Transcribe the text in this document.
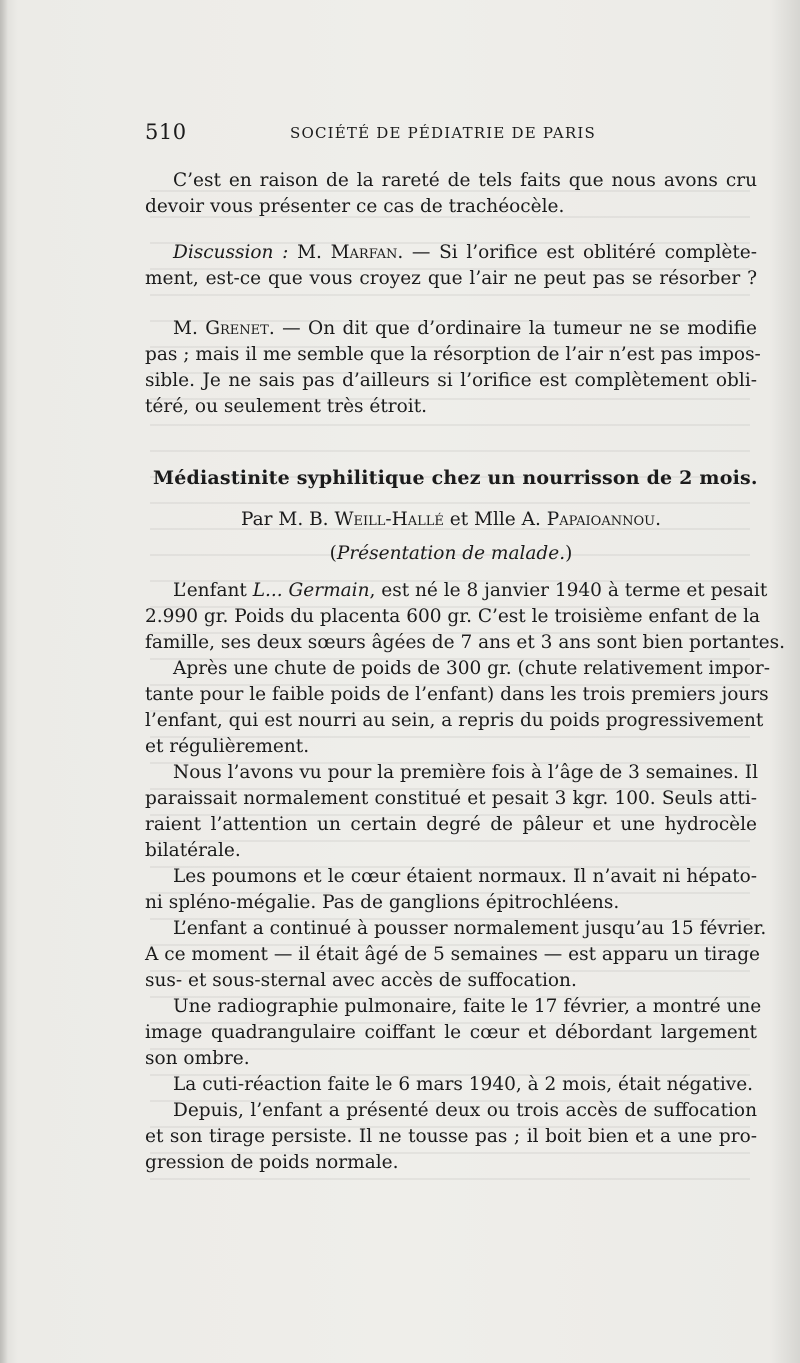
510	SOCIÉTÉ DE PÉDIATRIE DE PARIS
C’est en raison de la rareté de tels faits que nous avons cru
devoir vous présenter ce cas de trachéocèle.
Discussion : M. Marfan. — Si l’orifice est oblitéré complète-
ment, est-ce que vous croyez que l’air ne peut pas se résorber ?
M. Grenet. — On dit que d’ordinaire la tumeur ne se modifie
pas ; mais il me semble que la résorption de l’air n’est pas impos-
sible. Je ne sais pas d’ailleurs si l’orifice est complètement obli-
téré, ou seulement très étroit.
Médiastinite syphilitique chez un nourrisson de 2 mois.
Par M. B. Weill-Hallé et Mlle A. Papaioannou.
(Présentation de malade.)
L’enfant L... Germain, est né le 8 janvier 1940 à terme et pesait
2.990 gr. Poids du placenta 600 gr. C’est le troisième enfant de la
famille, ses deux sœurs âgées de 7 ans et 3 ans sont bien portantes.
Après une chute de poids de 300 gr. (chute relativement impor-
tante pour le faible poids de l’enfant) dans les trois premiers jours
l’enfant, qui est nourri au sein, a repris du poids progressivement
et régulièrement.
Nous l’avons vu pour la première fois à l’âge de 3 semaines. Il
paraissait normalement constitué et pesait 3 kgr. 100. Seuls atti-
raient l’attention un certain degré de pâleur et une hydrocèle
bilatérale.
Les poumons et le cœur étaient normaux. Il n’avait ni hépato-
ni spléno-mégalie. Pas de ganglions épitrochléens.
L’enfant a continué à pousser normalement jusqu’au 15 février.
A ce moment — il était âgé de 5 semaines — est apparu un tirage
sus- et sous-sternal avec accès de suffocation.
Une radiographie pulmonaire, faite le 17 février, a montré une
image quadrangulaire coiffant le cœur et débordant largement
son ombre.
La cuti-réaction faite le 6 mars 1940, à 2 mois, était négative.
Depuis, l’enfant a présenté deux ou trois accès de suffocation
et son tirage persiste. Il ne tousse pas ; il boit bien et a une pro-
gression de poids normale.
